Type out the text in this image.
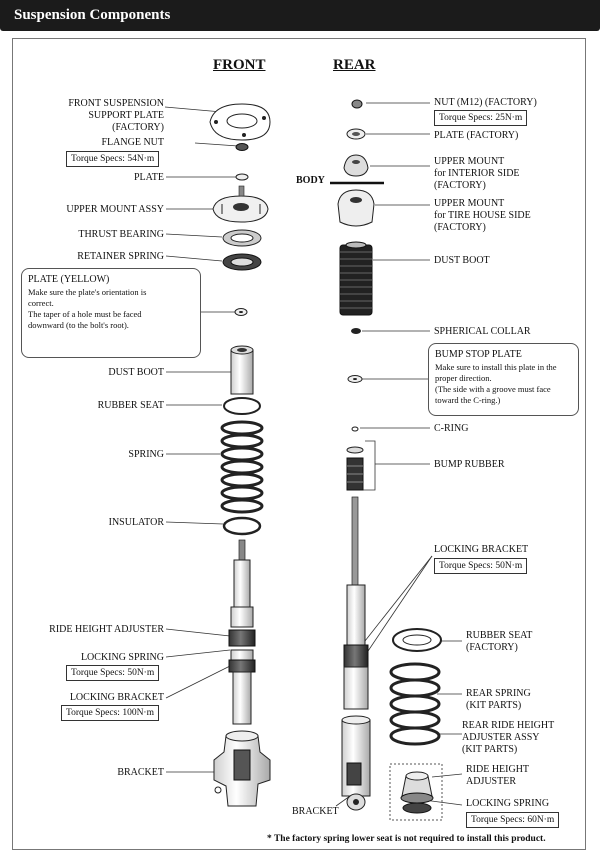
Suspension Components
FRONT	REAR
FRONT SUSPENSION
SUPPORT PLATE
(FACTORY)
FLANGE NUT
Torque Specs: 54N·m
PLATE
UPPER MOUNT ASSY
THRUST BEARING
RETAINER SPRING
PLATE (YELLOW)
Make sure the plate's orientation is
correct.
The taper of a hole must be faced
downward (to the bolt's root).
DUST BOOT
RUBBER SEAT
SPRING
INSULATOR
RIDE HEIGHT ADJUSTER
LOCKING SPRING
Torque Specs: 50N·m
LOCKING BRACKET
Torque Specs: 100N·m
BRACKET
NUT (M12) (FACTORY)
Torque Specs: 25N·m
PLATE (FACTORY)
BODY
UPPER MOUNT
for INTERIOR SIDE
(FACTORY)
UPPER MOUNT
for TIRE HOUSE SIDE
(FACTORY)
DUST BOOT
SPHERICAL COLLAR
BUMP STOP PLATE
Make sure to install this plate in the
proper direction.
(The side with a groove must face
toward the C-ring.)
C-RING
BUMP RUBBER
LOCKING BRACKET
Torque Specs: 50N·m
RUBBER SEAT
(FACTORY)
REAR SPRING
(KIT PARTS)
REAR RIDE HEIGHT
ADJUSTER ASSY
(KIT PARTS)
RIDE HEIGHT
ADJUSTER
LOCKING SPRING
Torque Specs: 60N·m
BRACKET
* The factory spring lower seat is not required to install this product.
